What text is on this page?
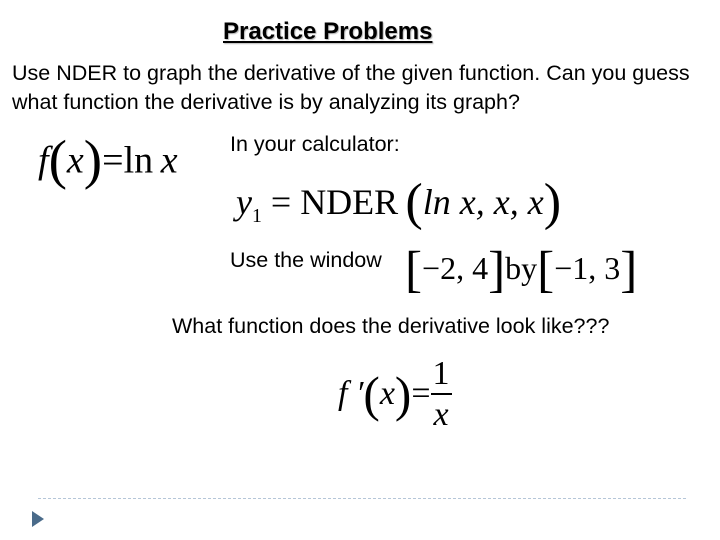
Practice Problems
Use NDER to graph the derivative of the given function. Can you guess what function the derivative is by analyzing its graph?
f(x)=ln  x In your calculator:
$y_1$ = NDER  (ln x, x, x)
Use the window [−2, 4]by[−1, 3]
What function does the derivative look like???
f ′ ( x ) = $\frac{1}{x}$
